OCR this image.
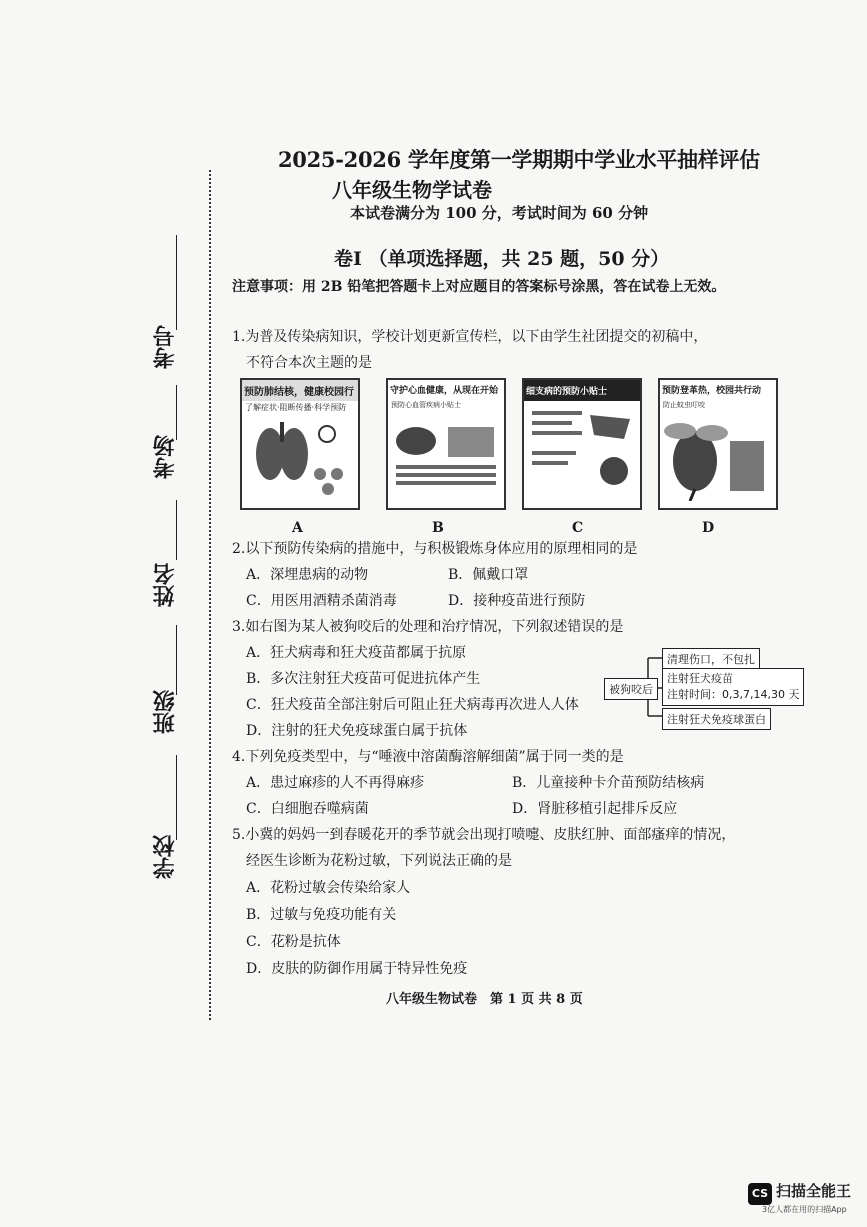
考号
考场
姓名
班级
学校
2025-2026 学年度第一学期期中学业水平抽样评估
八年级生物学试卷
本试卷满分为 100 分，考试时间为 60 分钟
卷Ⅰ （单项选择题，共 25 题，50 分）
注意事项：用 2B 铅笔把答题卡上对应题目的答案标号涂黑，答在试卷上无效。
1.为普及传染病知识，学校计划更新宣传栏，以下由学生社团提交的初稿中，
不符合本次主题的是
预防肺结核，健康校园行
了解症状·阻断传播·科学预防
守护心血健康，从现在开始
预防心血管疾病小贴士
细支病的预防小贴士	预防登革热，校园共行动
防止蚊虫叮咬
A	B	C	D
2.以下预防传染病的措施中，与积极锻炼身体应用的原理相同的是
A．深埋患病的动物	B．佩戴口罩
C．用医用酒精杀菌消毒	D．接种疫苗进行预防
3.如右图为某人被狗咬后的处理和治疗情况，下列叙述错误的是
A．狂犬病毒和狂犬疫苗都属于抗原
B．多次注射狂犬疫苗可促进抗体产生
C．狂犬疫苗全部注射后可阻止狂犬病毒再次进人人体
D．注射的狂犬免疫球蛋白属于抗体
被狗咬后
清理伤口，不包扎
注射狂犬疫苗
注射时间：0,3,7,14,30 天
注射狂犬免疫球蛋白
4.下列免疫类型中，与“唾液中溶菌酶溶解细菌”属于同一类的是
A．患过麻疹的人不再得麻疹	B．儿童接种卡介苗预防结核病
C．白细胞吞噬病菌	D．肾脏移植引起排斥反应
5.小冀的妈妈一到春暖花开的季节就会出现打喷嚏、皮肤红肿、面部瘙痒的情况，
经医生诊断为花粉过敏，下列说法正确的是
A．花粉过敏会传染给家人
B．过敏与免疫功能有关
C．花粉是抗体
D．皮肤的防御作用属于特异性免疫
八年级生物试卷　第 1 页 共 8 页
CS 扫描全能王
3亿人都在用的扫描App
